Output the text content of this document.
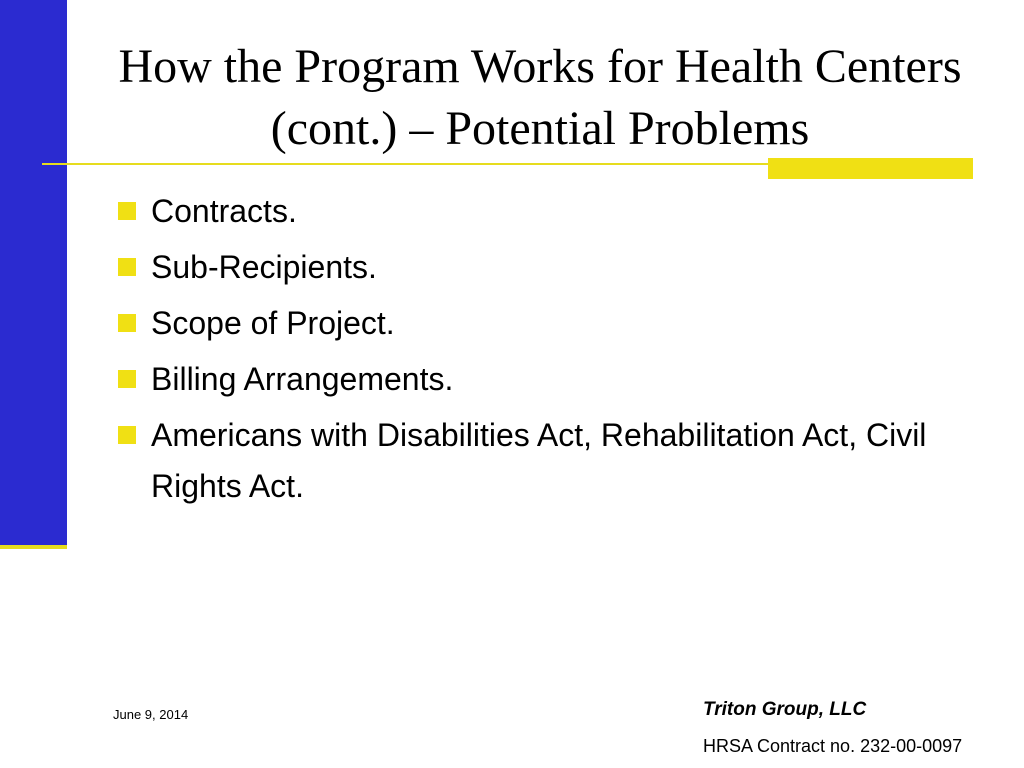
How the Program Works for Health Centers (cont.) – Potential Problems
Contracts.
Sub-Recipients.
Scope of Project.
Billing Arrangements.
Americans with Disabilities Act, Rehabilitation Act, Civil Rights Act.
June 9, 2014	Triton Group, LLC
HRSA Contract no. 232-00-0097
